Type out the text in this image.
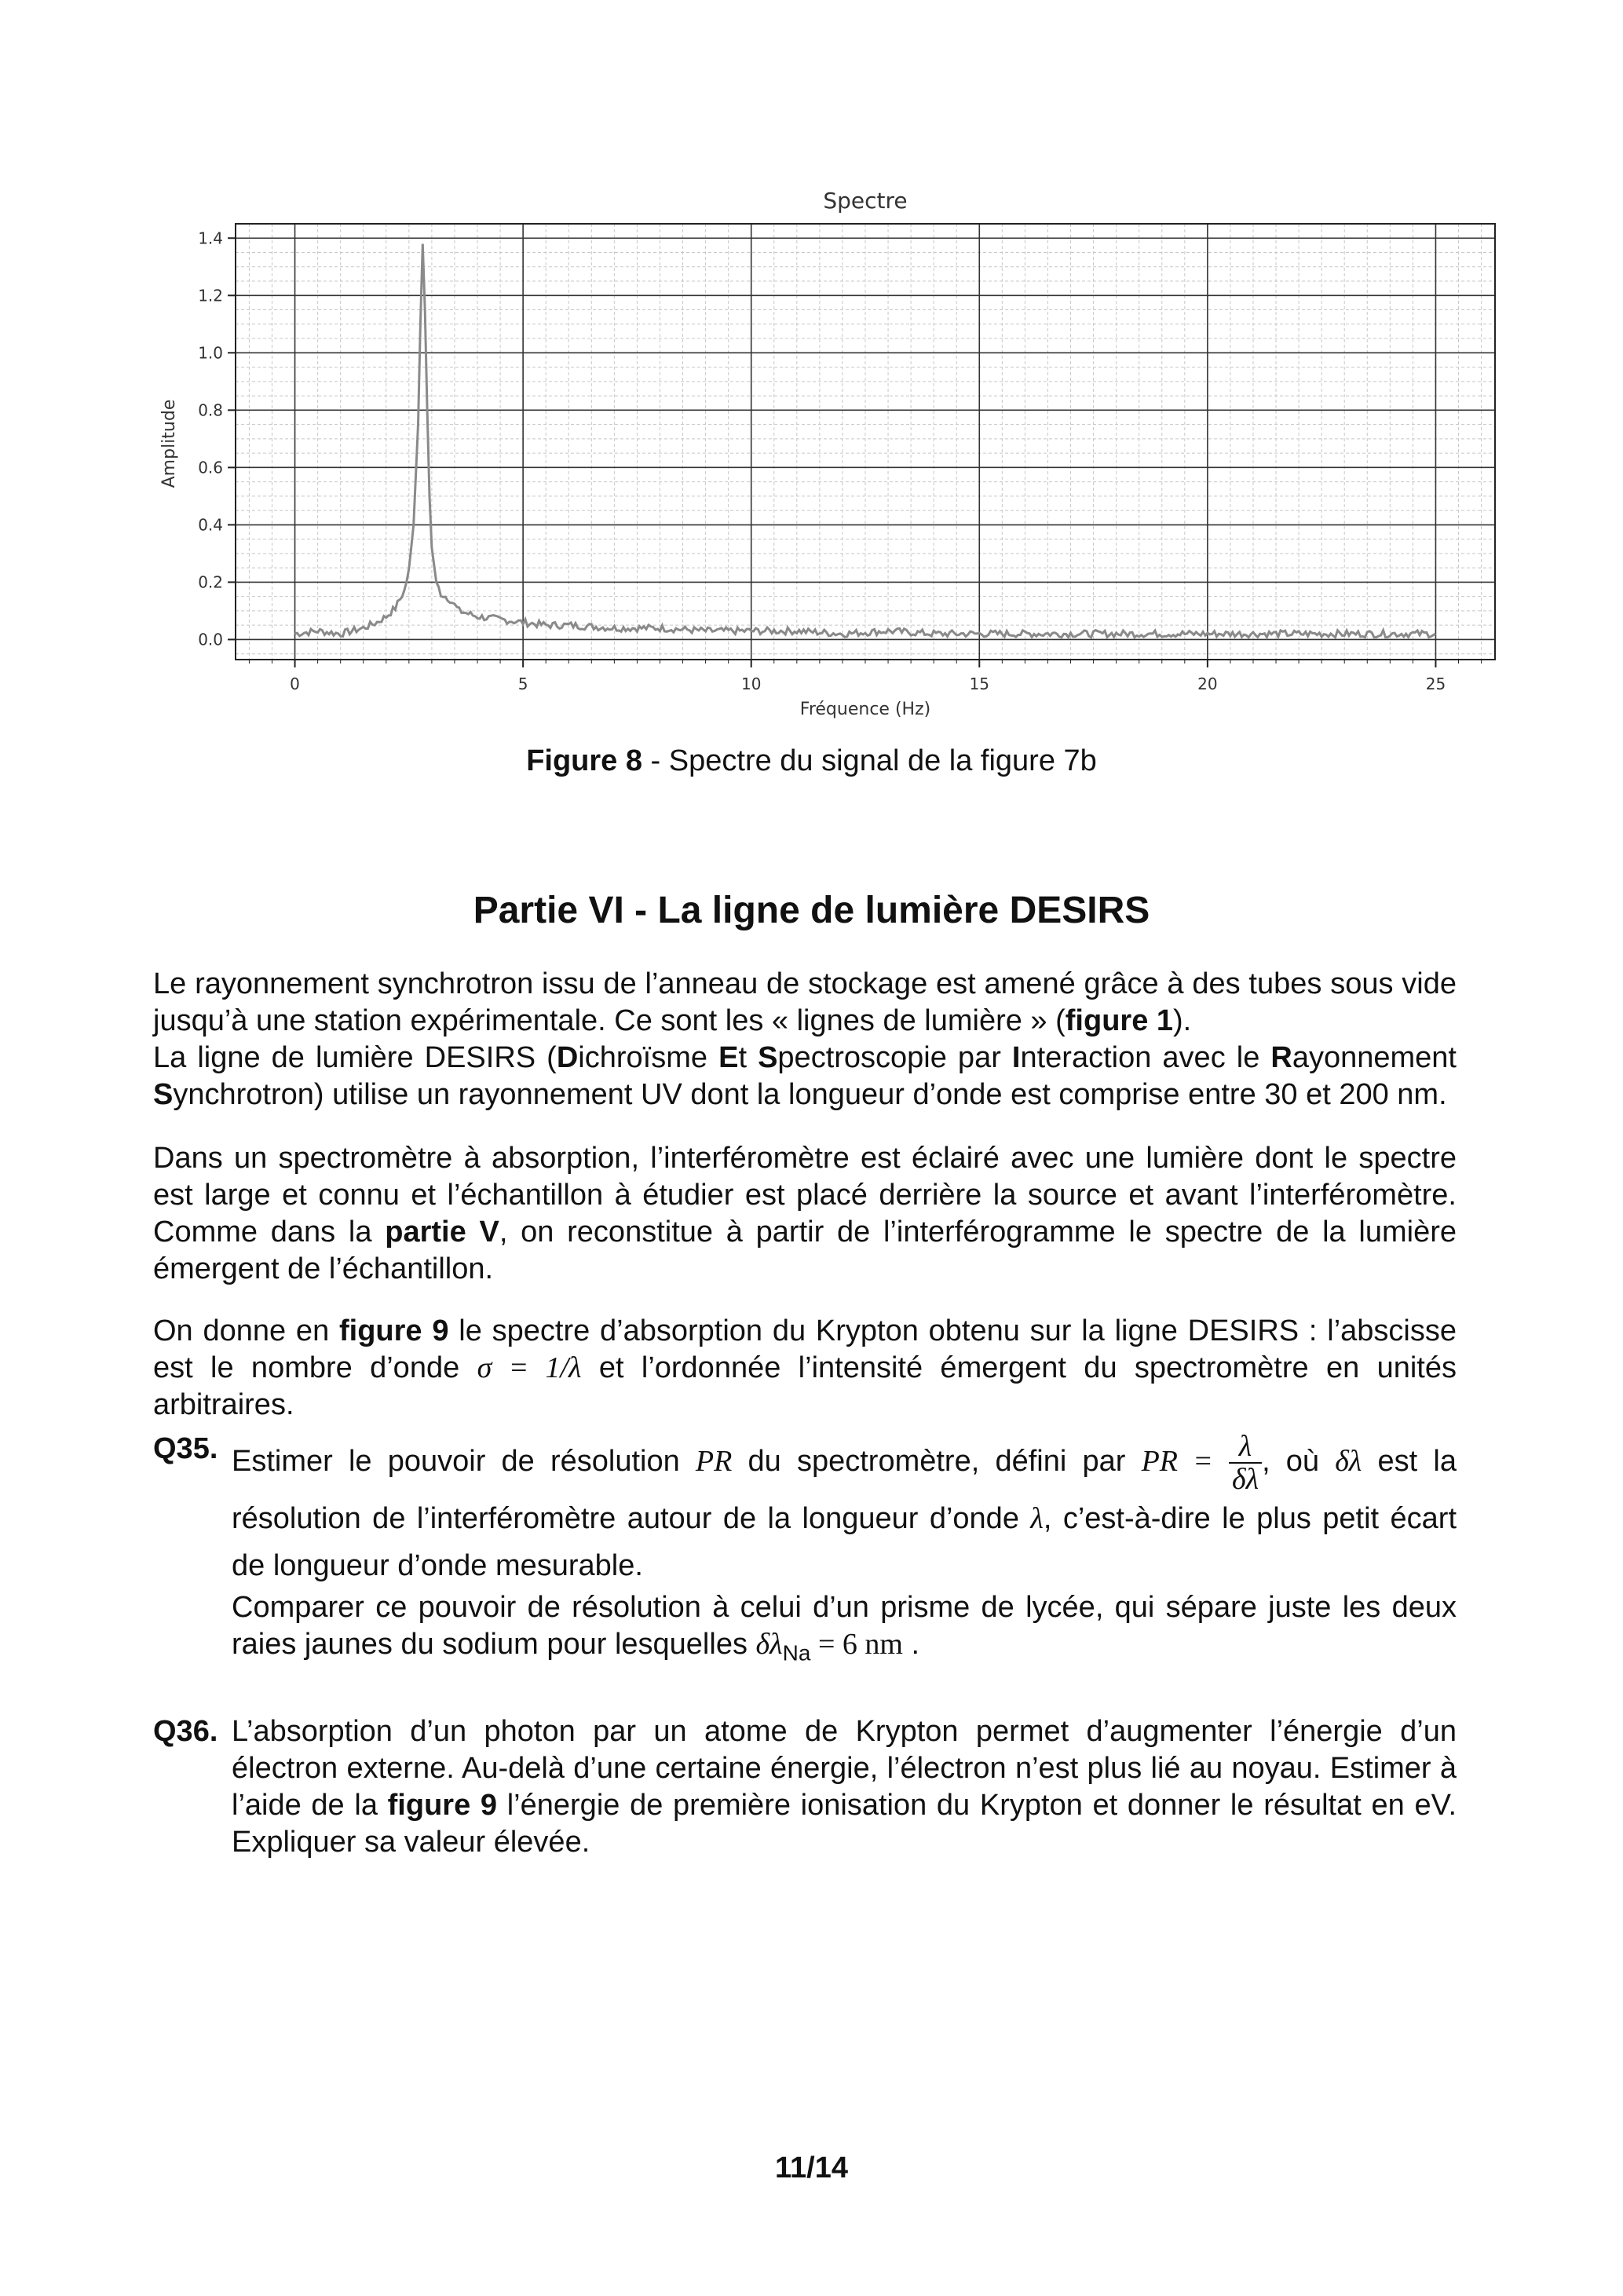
0	5	10	15	20	25
0.0
0.2
0.4
0.6
0.8
1.0
1.2
1.4
Spectre
Fréquence (Hz)
Amplitude
Figure 8 - Spectre du signal de la figure 7b
Partie VI - La ligne de lumière DESIRS

Le rayonnement synchrotron issu de l’anneau de stockage est amené grâce à des tubes sous vide jusqu’à une station expérimentale. Ce sont les « lignes de lumière » (figure 1).
La ligne de lumière DESIRS (Dichroïsme Et Spectroscopie par Interaction avec le Rayonnement Synchrotron) utilise un rayonnement UV dont la longueur d’onde est comprise entre 30 et 200 nm.

Dans un spectromètre à absorption, l’interféromètre est éclairé avec une lumière dont le spectre est large et connu et l’échantillon à étudier est placé derrière la source et avant l’interféromètre. Comme dans la partie V, on reconstitue à partir de l’interférogramme le spectre de la lumière émergent de l’échantillon.

On donne en figure 9 le spectre d’absorption du Krypton obtenu sur la ligne DESIRS : l’abscisse est le nombre d’onde σ = 1/λ et l’ordonnée l’intensité émergent du spectromètre en unités arbitraires.

Q35. Estimer le pouvoir de résolution PR du spectromètre, défini par PR = $\frac{\lambda}{\delta\lambda}$ , où δλ est la résolution de l’interféromètre autour de la longueur d’onde λ, c’est-à-dire le plus petit écart de longueur d’onde mesurable.
Comparer ce pouvoir de résolution à celui d’un prisme de lycée, qui sépare juste les deux raies jaunes du sodium pour lesquelles $\delta\lambda_{Na} = 6$ nm .
Q36. L’absorption d’un photon par un atome de Krypton permet d’augmenter l’énergie d’un électron externe. Au-delà d’une certaine énergie, l’électron n’est plus lié au noyau. Estimer à l’aide de la figure 9 l’énergie de première ionisation du Krypton et donner le résultat en eV. Expliquer sa valeur élevée.
11/14
